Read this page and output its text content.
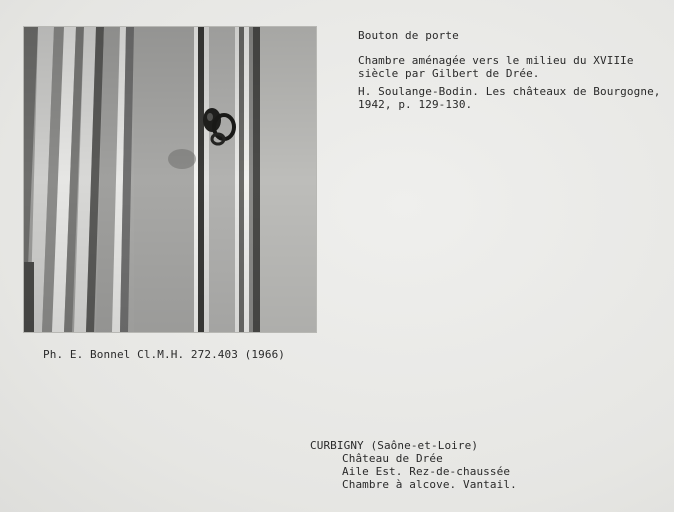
Bouton de porte
Chambre aménagée vers le milieu du XVIIIe
siècle par Gilbert de Drée.
H. Soulange-Bodin. Les châteaux de Bourgogne,
1942, p. 129-130.
Ph. E. Bonnel Cl.M.H. 272.403 (1966)
CURBIGNY (Saône-et-Loire)
Château de Drée
Aile Est. Rez-de-chaussée
Chambre à alcove. Vantail.
